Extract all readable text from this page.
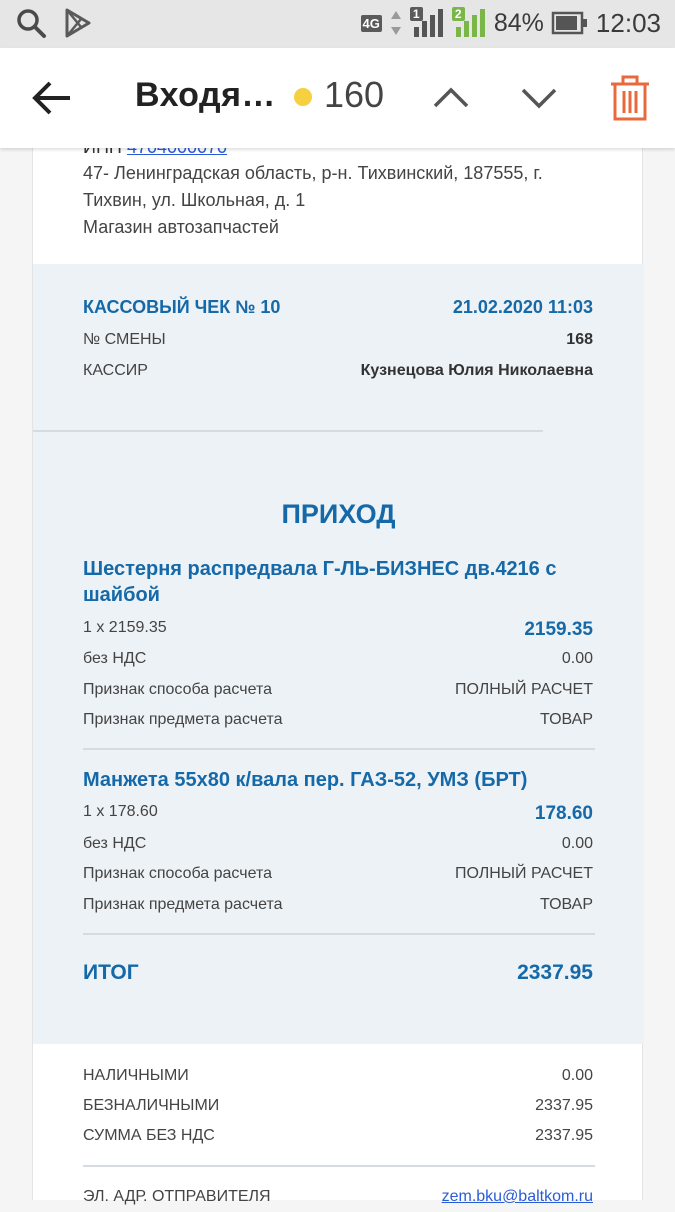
4G
1	2 84% 12:03
Входя… 160
47- Ленинградская область, р-н. Тихвинский, 187555, г. Тихвин, ул. Школьная, д. 1
Магазин автозапчастей
КАССОВЫЙ ЧЕК № 10	21.02.2020 11:03
№ СМЕНЫ	168
КАССИР	Кузнецова Юлия Николаевна
ПРИХОД
Шестерня распредвала Г-ЛЬ-БИЗНЕС дв.4216 с шайбой
1 x 2159.35	2159.35
без НДС	0.00
Признак способа расчета	ПОЛНЫЙ РАСЧЕТ
Признак предмета расчета	ТОВАР
Манжета 55х80 к/вала пер. ГАЗ-52, УМЗ (БРТ)
1 x 178.60	178.60
без НДС	0.00
Признак способа расчета	ПОЛНЫЙ РАСЧЕТ
Признак предмета расчета	ТОВАР
ИТОГ	2337.95
НАЛИЧНЫМИ	0.00
БЕЗНАЛИЧНЫМИ	2337.95
СУММА БЕЗ НДС	2337.95
ЭЛ. АДР. ОТПРАВИТЕЛЯ	zem.bku@baltkom.ru
